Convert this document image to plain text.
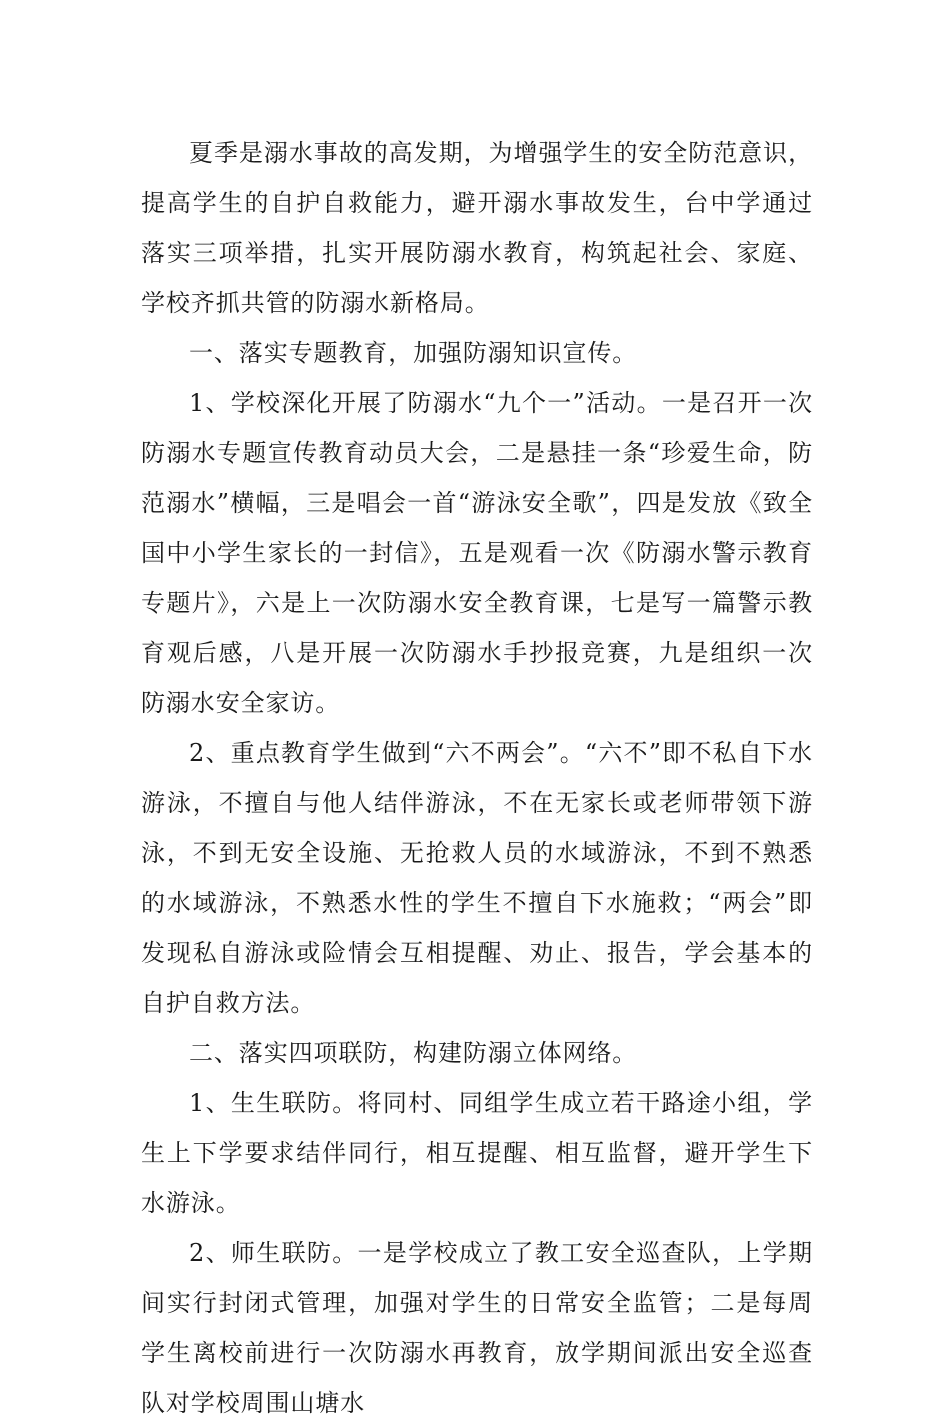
夏季是溺水事故的高发期，为增强学生的安全防范意识，提高学生的自护自救能力，避开溺水事故发生，台中学通过落实三项举措，扎实开展防溺水教育，构筑起社会、家庭、学校齐抓共管的防溺水新格局。

一、落实专题教育，加强防溺知识宣传。

1、学校深化开展了防溺水“九个一”活动。一是召开一次防溺水专题宣传教育动员大会，二是悬挂一条“珍爱生命，防范溺水”横幅，三是唱会一首“游泳安全歌”，四是发放《致全国中小学生家长的一封信》，五是观看一次《防溺水警示教育专题片》，六是上一次防溺水安全教育课，七是写一篇警示教育观后感，八是开展一次防溺水手抄报竞赛，九是组织一次防溺水安全家访。

2、重点教育学生做到“六不两会”。“六不”即不私自下水游泳，不擅自与他人结伴游泳，不在无家长或老师带领下游泳，不到无安全设施、无抢救人员的水域游泳，不到不熟悉的水域游泳，不熟悉水性的学生不擅自下水施救；“两会”即发现私自游泳或险情会互相提醒、劝止、报告，学会基本的自护自救方法。

二、落实四项联防，构建防溺立体网络。

1、生生联防。将同村、同组学生成立若干路途小组，学生上下学要求结伴同行，相互提醒、相互监督，避开学生下水游泳。

2、师生联防。一是学校成立了教工安全巡查队，上学期间实行封闭式管理，加强对学生的日常安全监管；二是每周学生离校前进行一次防溺水再教育，放学期间派出安全巡查队对学校周围山塘水
